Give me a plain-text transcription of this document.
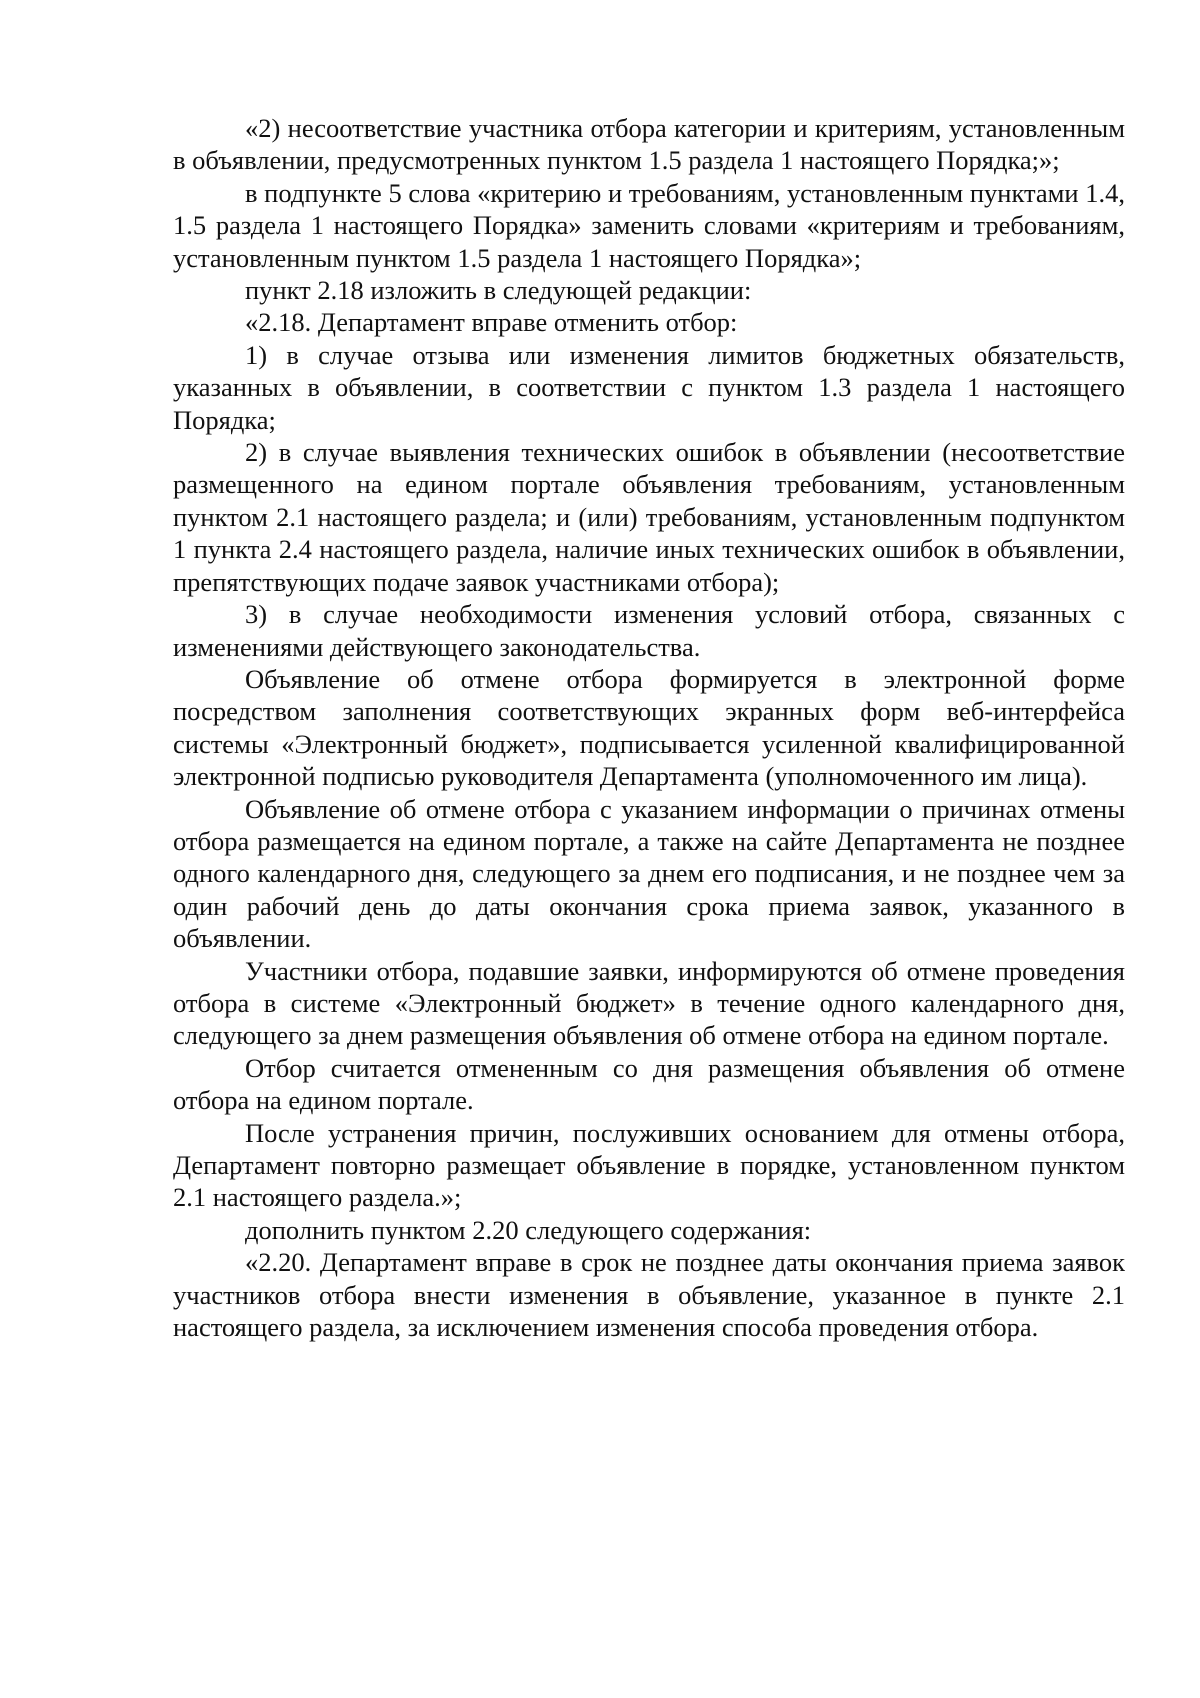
«2) несоответствие участника отбора категории и критериям, установленным в объявлении, предусмотренных пунктом 1.5 раздела 1 настоящего Порядка;»;

в подпункте 5 слова «критерию и требованиям, установленным пунктами 1.4, 1.5 раздела 1 настоящего Порядка» заменить словами «критериям и требованиям, установленным пунктом 1.5 раздела 1 настоящего Порядка»;

пункт 2.18 изложить в следующей редакции:

«2.18. Департамент вправе отменить отбор:

1) в случае отзыва или изменения лимитов бюджетных обязательств, указанных в объявлении, в соответствии с пунктом 1.3 раздела 1 настоящего Порядка;

2) в случае выявления технических ошибок в объявлении (несоответствие размещенного на едином портале объявления требованиям, установленным пунктом 2.1 настоящего раздела; и (или) требованиям, установленным подпунктом 1 пункта 2.4 настоящего раздела, наличие иных технических ошибок в объявлении, препятствующих подаче заявок участниками отбора);

3) в случае необходимости изменения условий отбора, связанных с изменениями действующего законодательства.

Объявление об отмене отбора формируется в электронной форме посредством заполнения соответствующих экранных форм веб-интерфейса системы «Электронный бюджет», подписывается усиленной квалифицированной электронной подписью руководителя Департамента (уполномоченного им лица).

Объявление об отмене отбора с указанием информации о причинах отмены отбора размещается на едином портале, а также на сайте Департамента не позднее одного календарного дня, следующего за днем его подписания, и не позднее чем за один рабочий день до даты окончания срока приема заявок, указанного в объявлении.

Участники отбора, подавшие заявки, информируются об отмене проведения отбора в системе «Электронный бюджет» в течение одного календарного дня, следующего за днем размещения объявления об отмене отбора на едином портале.

Отбор считается отмененным со дня размещения объявления об отмене отбора на едином портале.

После устранения причин, послуживших основанием для отмены отбора, Департамент повторно размещает объявление в порядке, установленном пунктом 2.1 настоящего раздела.»;

дополнить пунктом 2.20 следующего содержания:

«2.20. Департамент вправе в срок не позднее даты окончания приема заявок участников отбора внести изменения в объявление, указанное в пункте 2.1 настоящего раздела, за исключением изменения способа проведения отбора.
